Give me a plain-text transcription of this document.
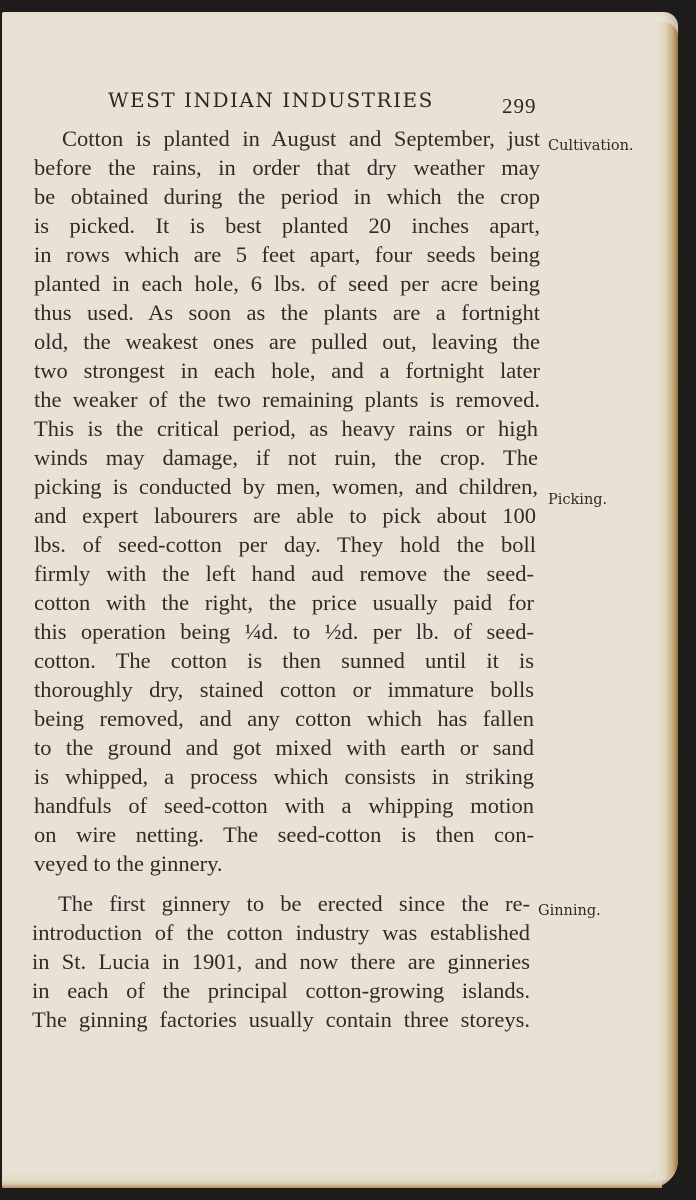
WEST INDIAN INDUSTRIES	299
Cotton is planted in August and September, just
before the rains, in order that dry weather may
be obtained during the period in which the crop
is picked. It is best planted 20 inches apart,
in rows which are 5 feet apart, four seeds being
planted in each hole, 6 lbs. of seed per acre being
thus used. As soon as the plants are a fortnight
old, the weakest ones are pulled out, leaving the
two strongest in each hole, and a fortnight later
the weaker of the two remaining plants is removed.
This is the critical period, as heavy rains or high
winds may damage, if not ruin, the crop. The
picking is conducted by men, women, and children,
and expert labourers are able to pick about 100
lbs. of seed-cotton per day. They hold the boll
firmly with the left hand aud remove the seed-
cotton with the right, the price usually paid for
this operation being ¼d. to ½d. per lb. of seed-
cotton. The cotton is then sunned until it is
thoroughly dry, stained cotton or immature bolls
being removed, and any cotton which has fallen
to the ground and got mixed with earth or sand
is whipped, a process which consists in striking
handfuls of seed-cotton with a whipping motion
on wire netting. The seed-cotton is then con-
veyed to the ginnery.
The first ginnery to be erected since the re-
introduction of the cotton industry was established
in St. Lucia in 1901, and now there are ginneries
in each of the principal cotton-growing islands.
The ginning factories usually contain three storeys.
Cultivation.
Picking.
Ginning.
